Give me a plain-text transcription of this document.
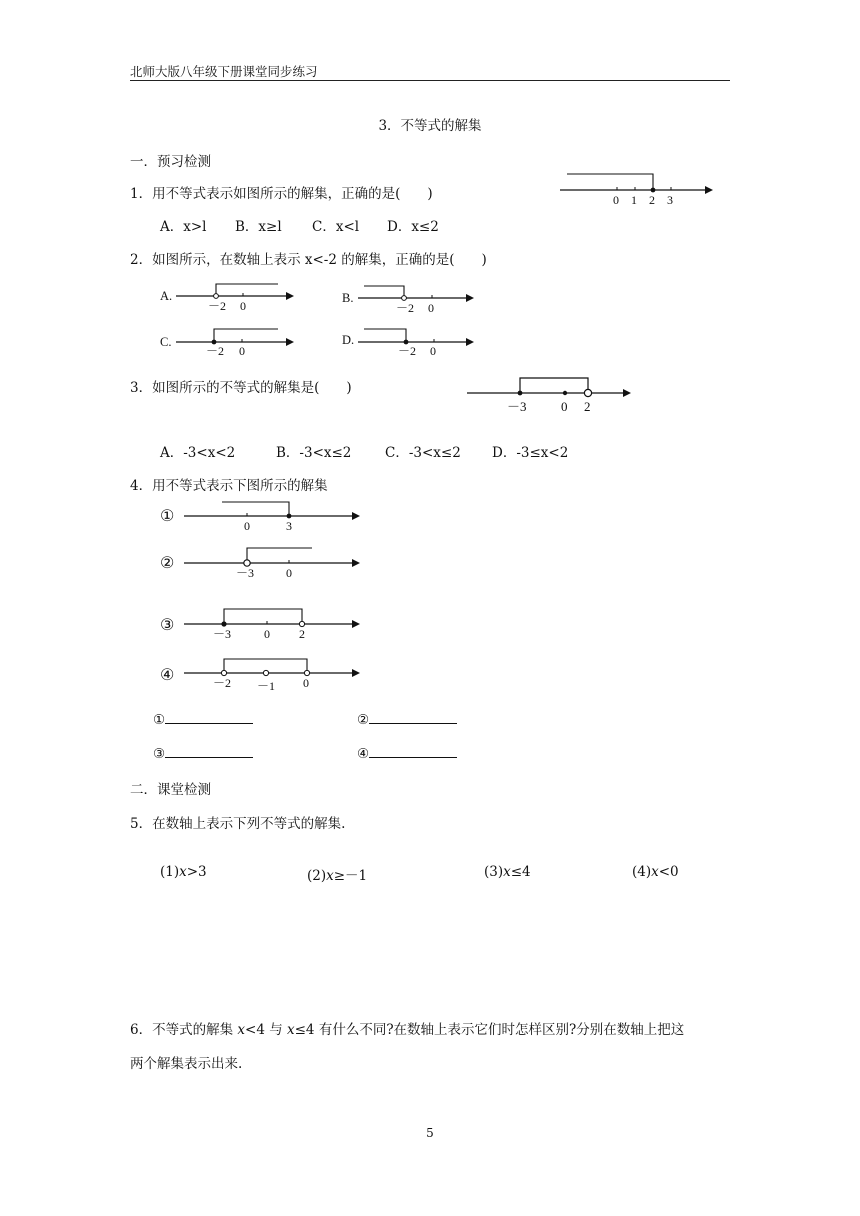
北师大版八年级下册课堂同步练习
3．不等式的解集
一．预习检测
1．用不等式表示如图所示的解集，正确的是(　　)
A．x>l B．x≥l C．x<l D．x≤2
0 1 2 3
2．如图所示，在数轴上表示 x<-2 的解集，正确的是(　　)
A.
－2 0
B.
－2 0
C.
－2 0
D.
－2 0
3．如图所示的不等式的解集是(　　)
－3	0 2
A．-3<x<2	B．-3<x≤2 C．-3<x≤2 D．-3≤x<2
4．用不等式表示下图所示的解集
①
0	3
②
－3	0
③	－3	0 2
④	－2 －1 0
①	②
③	④
二．课堂检测
5．在数轴上表示下列不等式的解集.
(1)x>3	(2)x≥－1	(3)x≤4	(4)x<0
6．不等式的解集 x<4 与 x≤4 有什么不同?在数轴上表示它们时怎样区别?分别在数轴上把这
两个解集表示出来.
5
